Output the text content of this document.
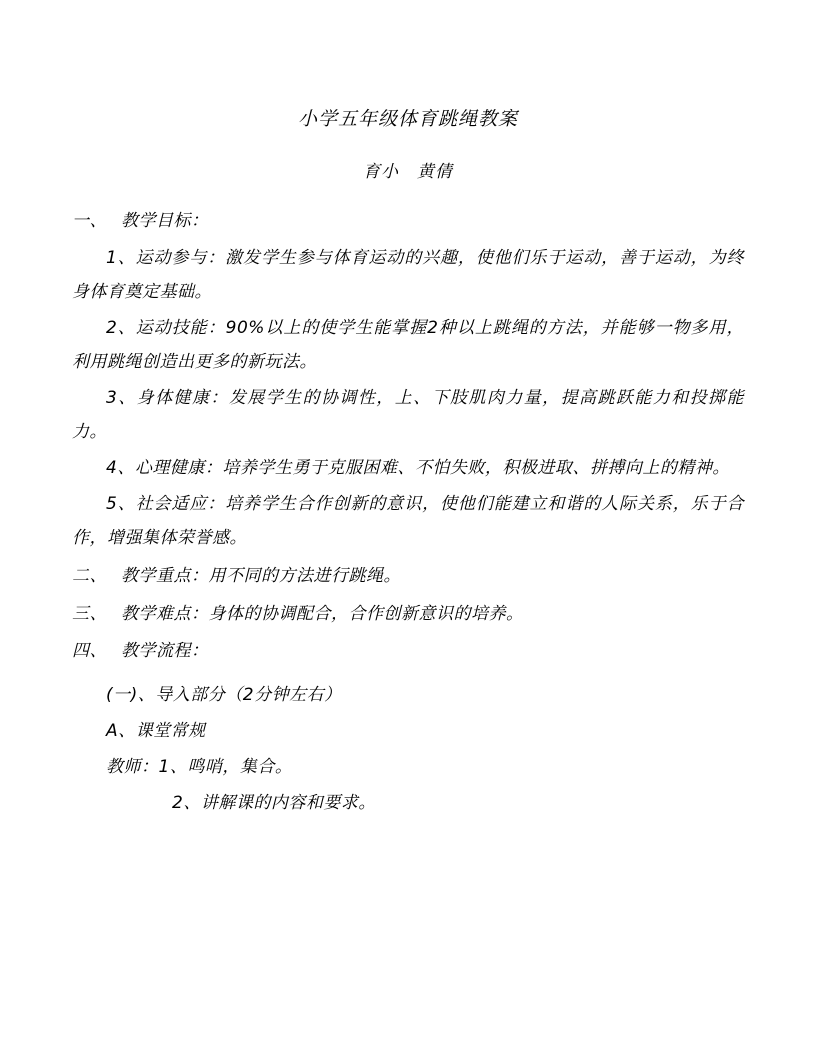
小学五年级体育跳绳教案
育小　黄倩
一、 教学目标：

1、运动参与：激发学生参与体育运动的兴趣，使他们乐于运动，善于运动，为终身体育奠定基础。

2、运动技能：90%以上的使学生能掌握2种以上跳绳的方法，并能够一物多用，利用跳绳创造出更多的新玩法。

3、身体健康：发展学生的协调性，上、下肢肌肉力量，提高跳跃能力和投掷能力。

4、心理健康：培养学生勇于克服困难、不怕失败，积极进取、拼搏向上的精神。

5、社会适应：培养学生合作创新的意识，使他们能建立和谐的人际关系，乐于合作，增强集体荣誉感。

二、 教学重点：用不同的方法进行跳绳。
三、 教学难点：身体的协调配合，合作创新意识的培养。
四、 教学流程：

(一)、导入部分（2分钟左右）

A、课堂常规

教师：1、鸣哨，集合。

2、讲解课的内容和要求。
